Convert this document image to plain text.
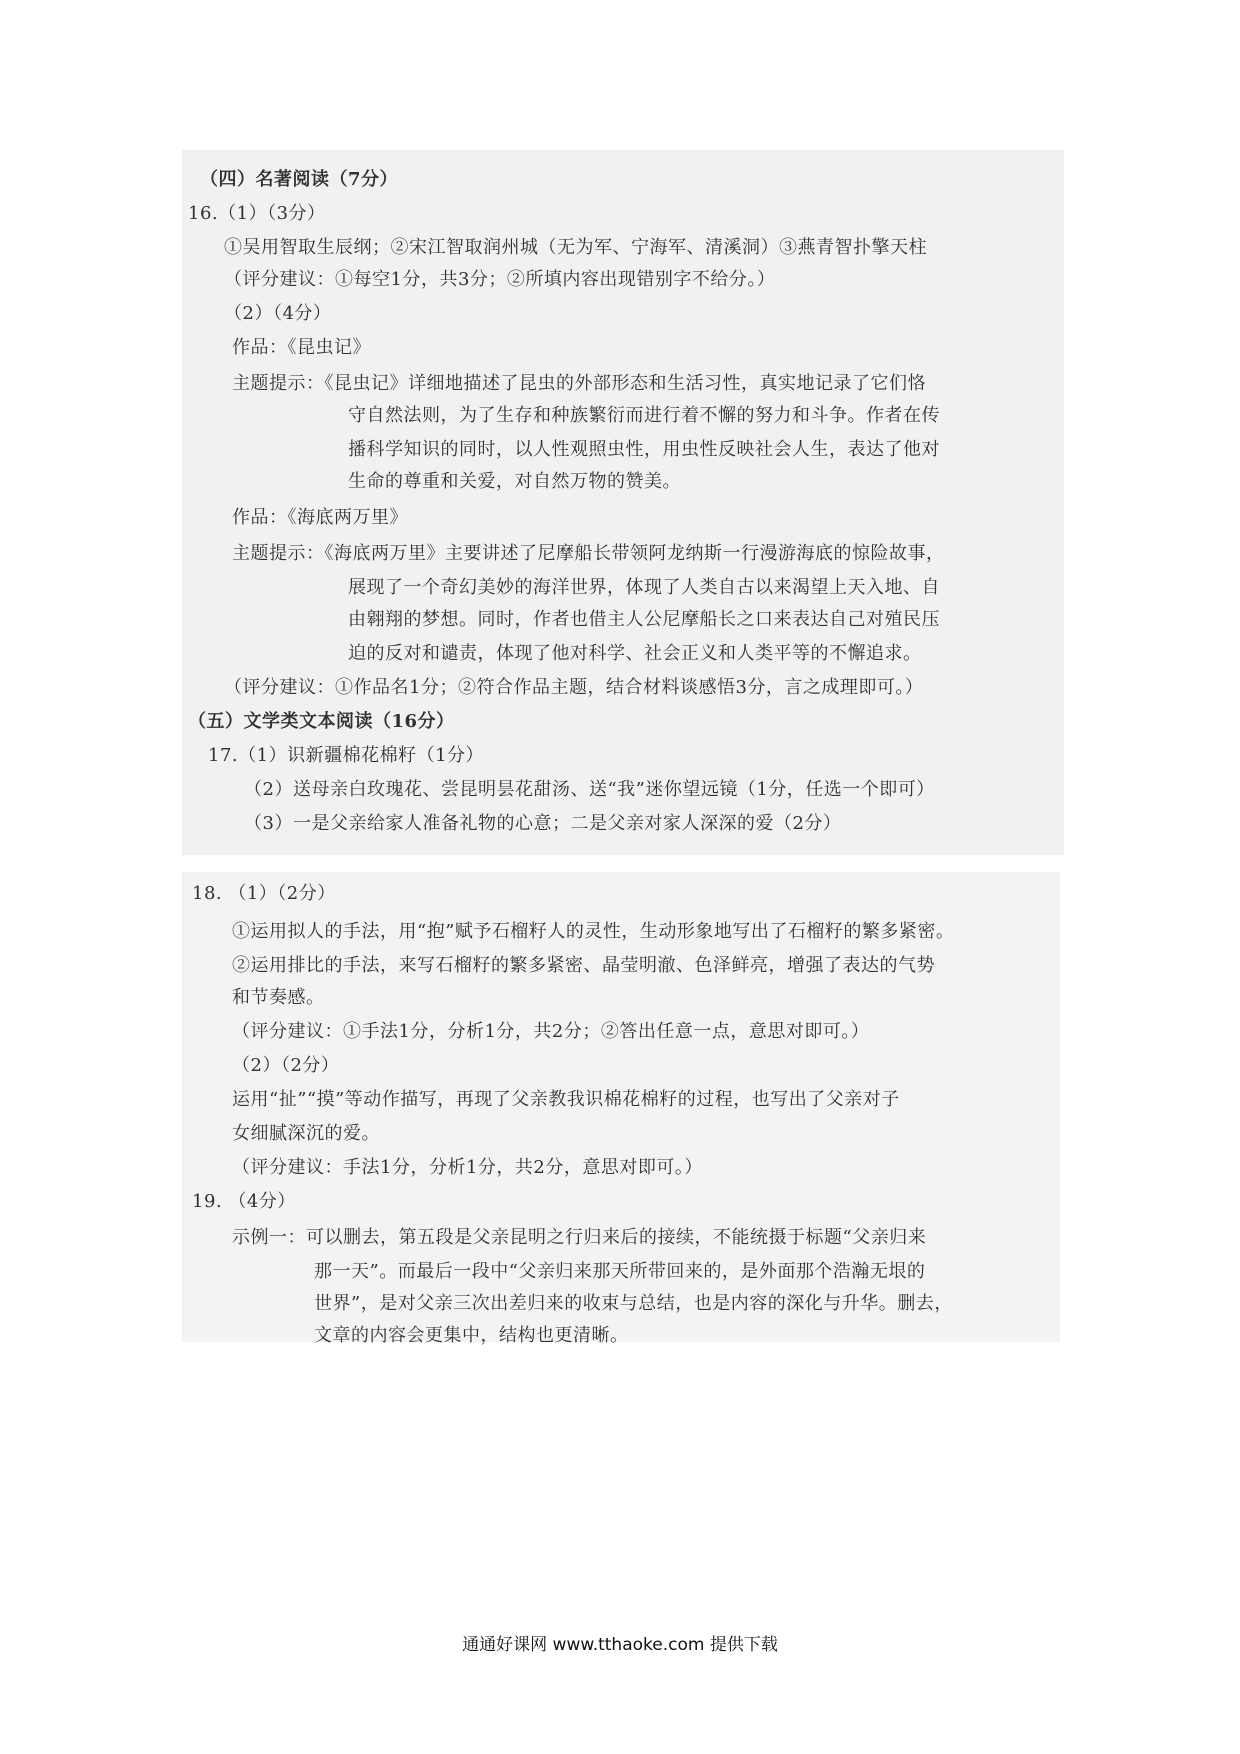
（四）名著阅读（7分）
16.（1）（3分）
①吴用智取生辰纲；②宋江智取润州城（无为军、宁海军、清溪洞）③燕青智扑擎天柱
（评分建议：①每空1分，共3分；②所填内容出现错别字不给分。）
（2）（4分）
作品：《昆虫记》
主题提示：《昆虫记》详细地描述了昆虫的外部形态和生活习性，真实地记录了它们恪
守自然法则，为了生存和种族繁衍而进行着不懈的努力和斗争。作者在传
播科学知识的同时，以人性观照虫性，用虫性反映社会人生，表达了他对
生命的尊重和关爱，对自然万物的赞美。
作品：《海底两万里》
主题提示：《海底两万里》主要讲述了尼摩船长带领阿龙纳斯一行漫游海底的惊险故事，
展现了一个奇幻美妙的海洋世界，体现了人类自古以来渴望上天入地、自
由翱翔的梦想。同时，作者也借主人公尼摩船长之口来表达自己对殖民压
迫的反对和谴责，体现了他对科学、社会正义和人类平等的不懈追求。
（评分建议：①作品名1分；②符合作品主题，结合材料谈感悟3分，言之成理即可。）
（五）文学类文本阅读（16分）
17.（1）识新疆棉花棉籽（1分）
（2）送母亲白玫瑰花、尝昆明昙花甜汤、送“我”迷你望远镜（1分，任选一个即可）
（3）一是父亲给家人准备礼物的心意；二是父亲对家人深深的爱（2分）
18. （1）（2分）
①运用拟人的手法，用“抱”赋予石榴籽人的灵性，生动形象地写出了石榴籽的繁多紧密。
②运用排比的手法，来写石榴籽的繁多紧密、晶莹明澈、色泽鲜亮，增强了表达的气势
和节奏感。
（评分建议：①手法1分，分析1分，共2分；②答出任意一点，意思对即可。）
（2）（2分）
运用“扯”“摸”等动作描写，再现了父亲教我识棉花棉籽的过程，也写出了父亲对子
女细腻深沉的爱。
（评分建议：手法1分，分析1分，共2分，意思对即可。）
19. （4分）
示例一：可以删去，第五段是父亲昆明之行归来后的接续，不能统摄于标题“父亲归来
那一天”。而最后一段中“父亲归来那天所带回来的，是外面那个浩瀚无垠的
世界”，是对父亲三次出差归来的收束与总结，也是内容的深化与升华。删去，
文章的内容会更集中，结构也更清晰。
通通好课网 www.tthaoke.com 提供下载
